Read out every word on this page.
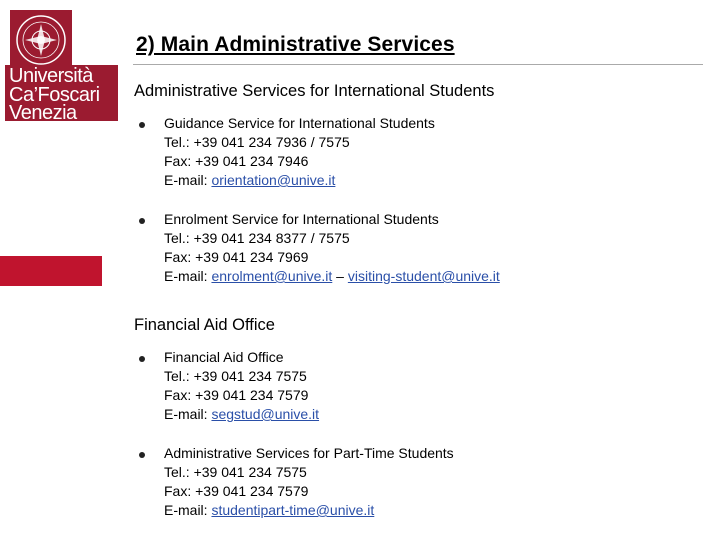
Università
Ca’Foscari
Venezia
2) Main Administrative Services
Administrative Services for International Students
Guidance Service for International Students
Tel.: +39 041 234 7936 / 7575
Fax: +39 041 234 7946
E-mail: orientation@unive.it
Enrolment Service for International Students
Tel.: +39 041 234 8377 / 7575
Fax: +39 041 234 7969
E-mail: enrolment@unive.it – visiting-student@unive.it
Financial Aid Office
Financial Aid Office
Tel.: +39 041 234 7575
Fax: +39 041 234 7579
E-mail: segstud@unive.it
Administrative Services for Part-Time Students
Tel.: +39 041 234 7575
Fax: +39 041 234 7579
E-mail: studentipart-time@unive.it
